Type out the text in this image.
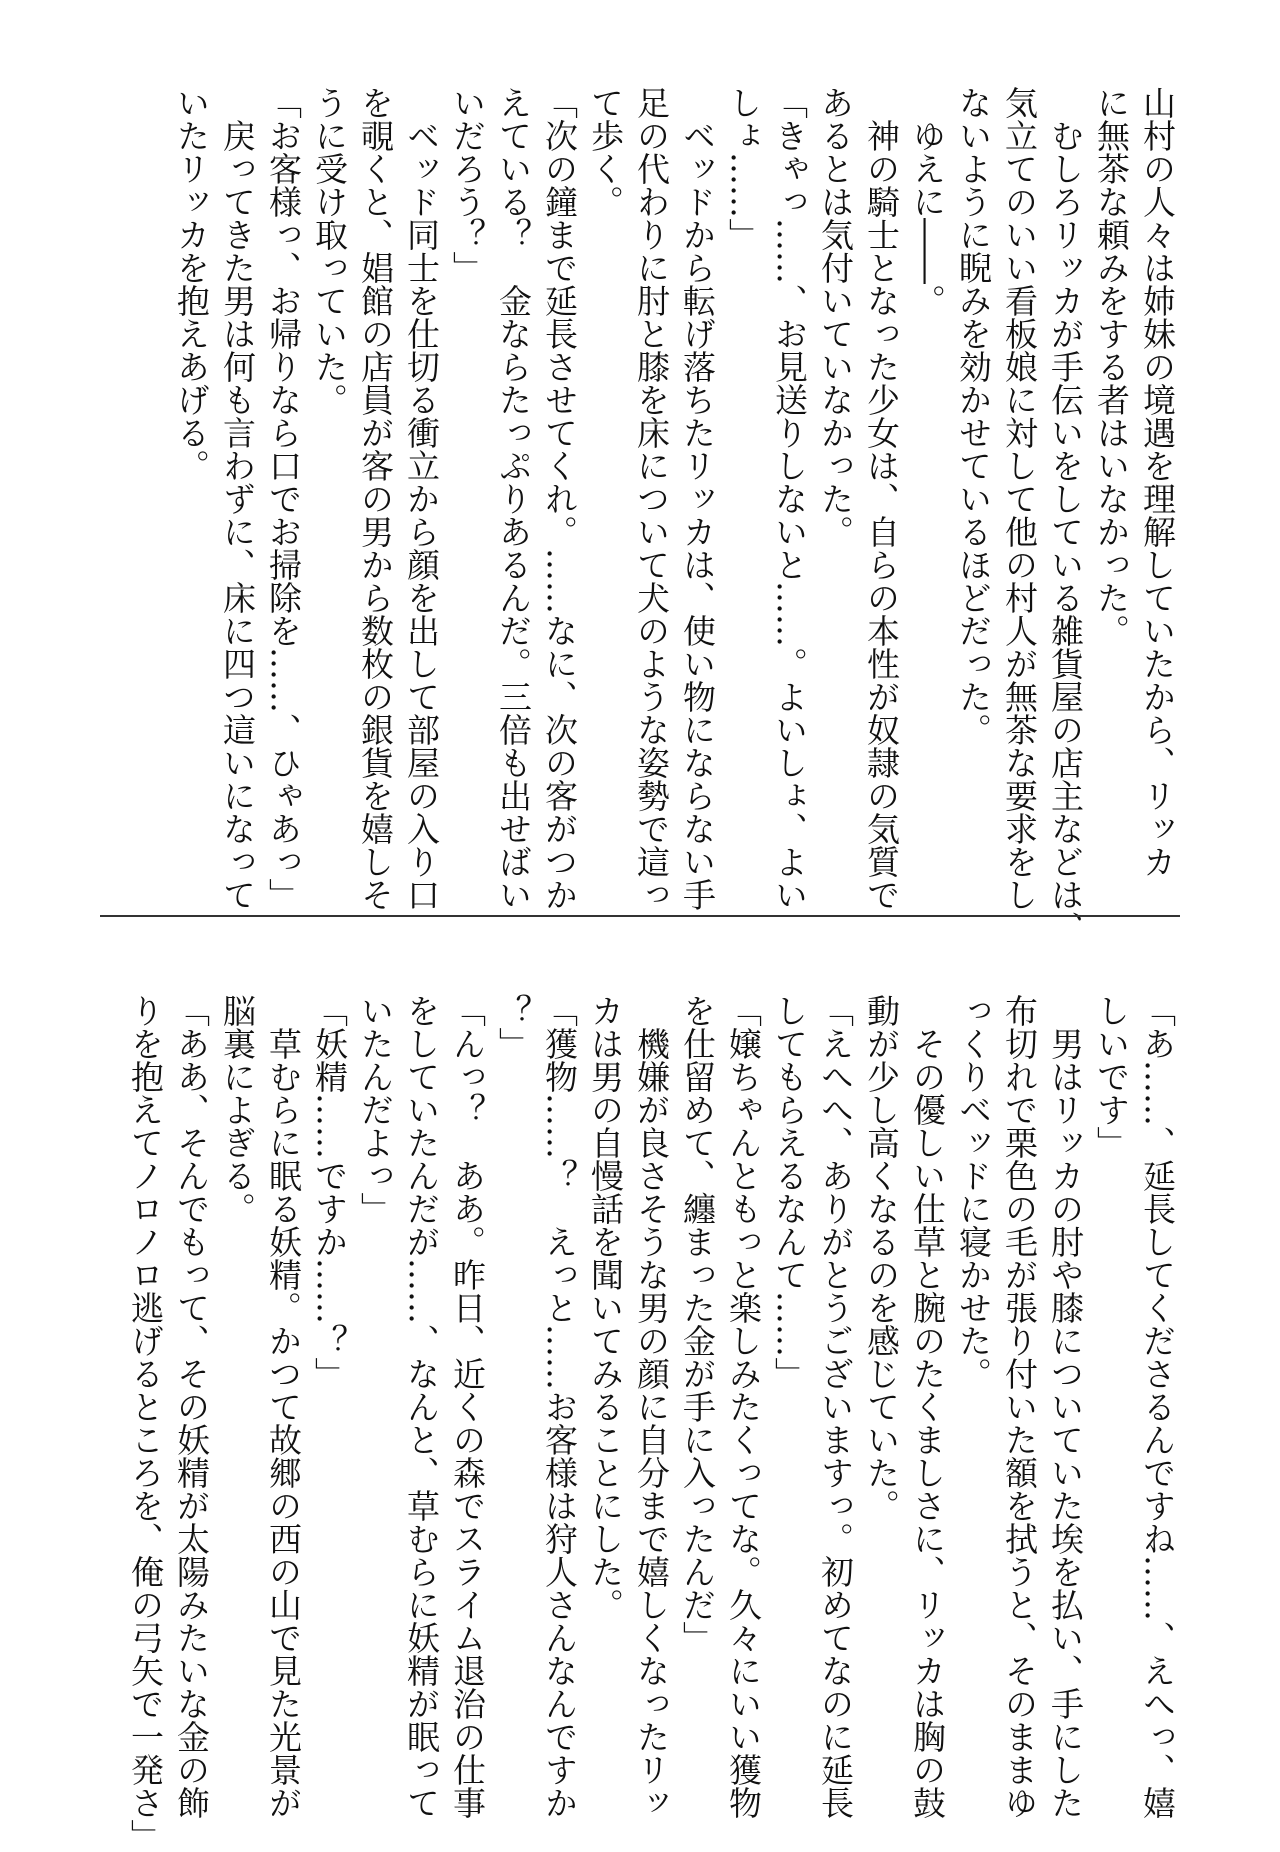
山村の人々は姉妹の境遇を理解していたから、リッカ
に無茶な頼みをする者はいなかった。
　むしろリッカが手伝いをしている雑貨屋の店主などは、
気立てのいい看板娘に対して他の村人が無茶な要求をし
ないように睨みを効かせているほどだった。
　ゆえに――。
　神の騎士となった少女は、自らの本性が奴隷の気質で
あるとは気付いていなかった。
「きゃっ……、お見送りしないと……。よいしょ、よい
しょ……」
　ベッドから転げ落ちたリッカは、使い物にならない手
足の代わりに肘と膝を床について犬のような姿勢で這っ
て歩く。
「次の鐘まで延長させてくれ。……なに、次の客がつか
えている？　金ならたっぷりあるんだ。三倍も出せばい
いだろう？」
　ベッド同士を仕切る衝立から顔を出して部屋の入り口
を覗くと、娼館の店員が客の男から数枚の銀貨を嬉しそ
うに受け取っていた。
「お客様っ、お帰りなら口でお掃除を……、ひゃあっ」
　戻ってきた男は何も言わずに、床に四つ這いになって
いたリッカを抱えあげる。
「あ……、延長してくださるんですね……、えへっ、嬉
しいです」
　男はリッカの肘や膝についていた埃を払い、手にした
布切れで栗色の毛が張り付いた額を拭うと、そのままゆ
っくりベッドに寝かせた。
　その優しい仕草と腕のたくましさに、リッカは胸の鼓
動が少し高くなるのを感じていた。
「えへへ、ありがとうございますっ。初めてなのに延長
してもらえるなんて……」
「嬢ちゃんともっと楽しみたくってな。久々にいい獲物
を仕留めて、纏まった金が手に入ったんだ」
　機嫌が良さそうな男の顔に自分まで嬉しくなったリッ
カは男の自慢話を聞いてみることにした。
「獲物……？　えっと……お客様は狩人さんなんですか
？」
「んっ？　ああ。昨日、近くの森でスライム退治の仕事
をしていたんだが……、なんと、草むらに妖精が眠って
いたんだよっ」
「妖精……ですか……？」
　草むらに眠る妖精。かつて故郷の西の山で見た光景が
脳裏によぎる。
「ああ、そんでもって、その妖精が太陽みたいな金の飾
りを抱えてノロノロ逃げるところを、俺の弓矢で一発さ」
